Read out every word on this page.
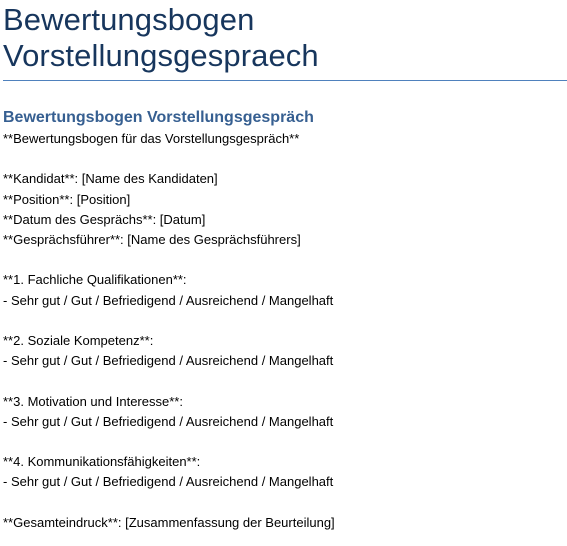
Bewertungsbogen
Vorstellungsgespraech
Bewertungsbogen Vorstellungsgespräch
**Bewertungsbogen für das Vorstellungsgespräch**
**Kandidat**: [Name des Kandidaten]
**Position**: [Position]
**Datum des Gesprächs**: [Datum]
**Gesprächsführer**: [Name des Gesprächsführers]
**1. Fachliche Qualifikationen**:
- Sehr gut / Gut / Befriedigend / Ausreichend / Mangelhaft
**2. Soziale Kompetenz**:
- Sehr gut / Gut / Befriedigend / Ausreichend / Mangelhaft
**3. Motivation und Interesse**:
- Sehr gut / Gut / Befriedigend / Ausreichend / Mangelhaft
**4. Kommunikationsfähigkeiten**:
- Sehr gut / Gut / Befriedigend / Ausreichend / Mangelhaft
**Gesamteindruck**: [Zusammenfassung der Beurteilung]
